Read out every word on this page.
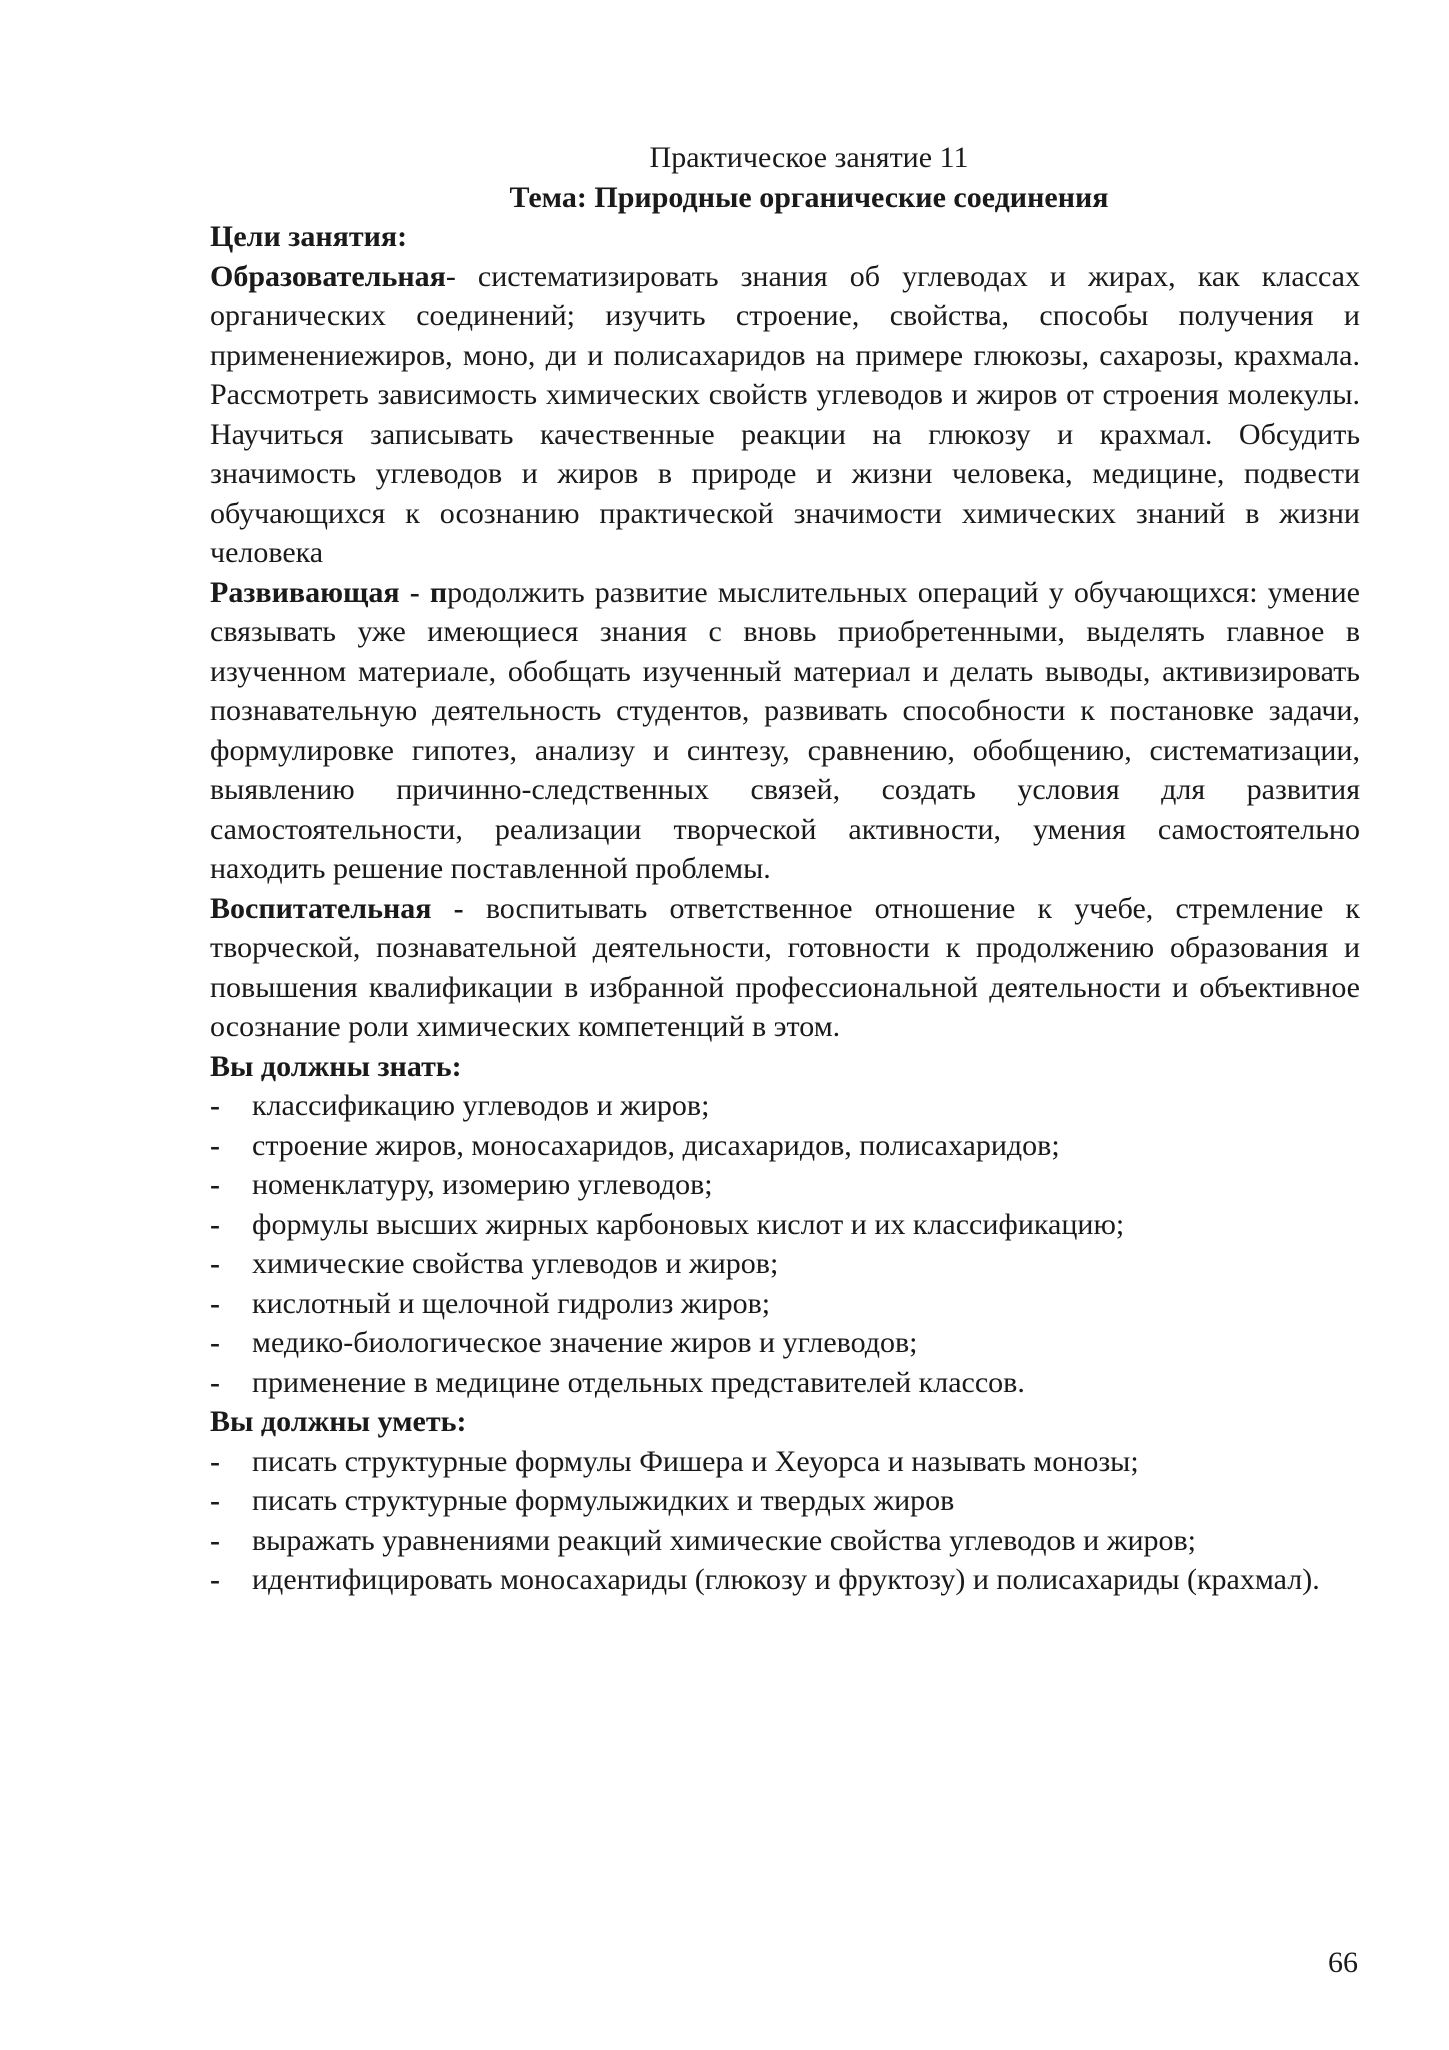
Практическое занятие 11
Тема: Природные органические соединения
Цели занятия:
Образовательная- систематизировать знания об углеводах и жирах, как классах органических соединений; изучить строение, свойства, способы получения и применениежиров, моно, ди и полисахаридов на примере глюкозы, сахарозы, крахмала. Рассмотреть зависимость химических свойств углеводов и жиров от строения молекулы. Научиться записывать качественные реакции на глюкозу и крахмал. Обсудить значимость углеводов и жиров в природе и жизни человека, медицине, подвести обучающихся к осознанию практической значимости химических знаний в жизни человека
Развивающая - продолжить развитие мыслительных операций у обучающихся: умение связывать уже имеющиеся знания с вновь приобретенными, выделять главное в изученном материале, обобщать изученный материал и делать выводы, активизировать познавательную деятельность студентов, развивать способности к постановке задачи, формулировке гипотез, анализу и синтезу, сравнению, обобщению, систематизации, выявлению причинно-следственных связей, создать условия для развития самостоятельности, реализации творческой активности, умения самостоятельно находить решение поставленной проблемы.
Воспитательная - воспитывать ответственное отношение к учебе, стремление к творческой, познавательной деятельности, готовности к продолжению образования и повышения квалификации в избранной профессиональной деятельности и объективное осознание роли химических компетенций в этом.
Вы должны знать:
- классификацию углеводов и жиров;
- строение жиров, моносахаридов, дисахаридов, полисахаридов;
- номенклатуру, изомерию углеводов;
- формулы высших жирных карбоновых кислот и их классификацию;
- химические свойства углеводов и жиров;
- кислотный и щелочной гидролиз жиров;
- медико-биологическое значение жиров и углеводов;
- применение в медицине отдельных представителей классов.
Вы должны уметь:
- писать структурные формулы Фишера и Хеуорса и называть монозы;
- писать структурные формулыжидких и твердых жиров
- выражать уравнениями реакций химические свойства углеводов и жиров;
- идентифицировать моносахариды (глюкозу и фруктозу) и полисахариды (крахмал).
66
